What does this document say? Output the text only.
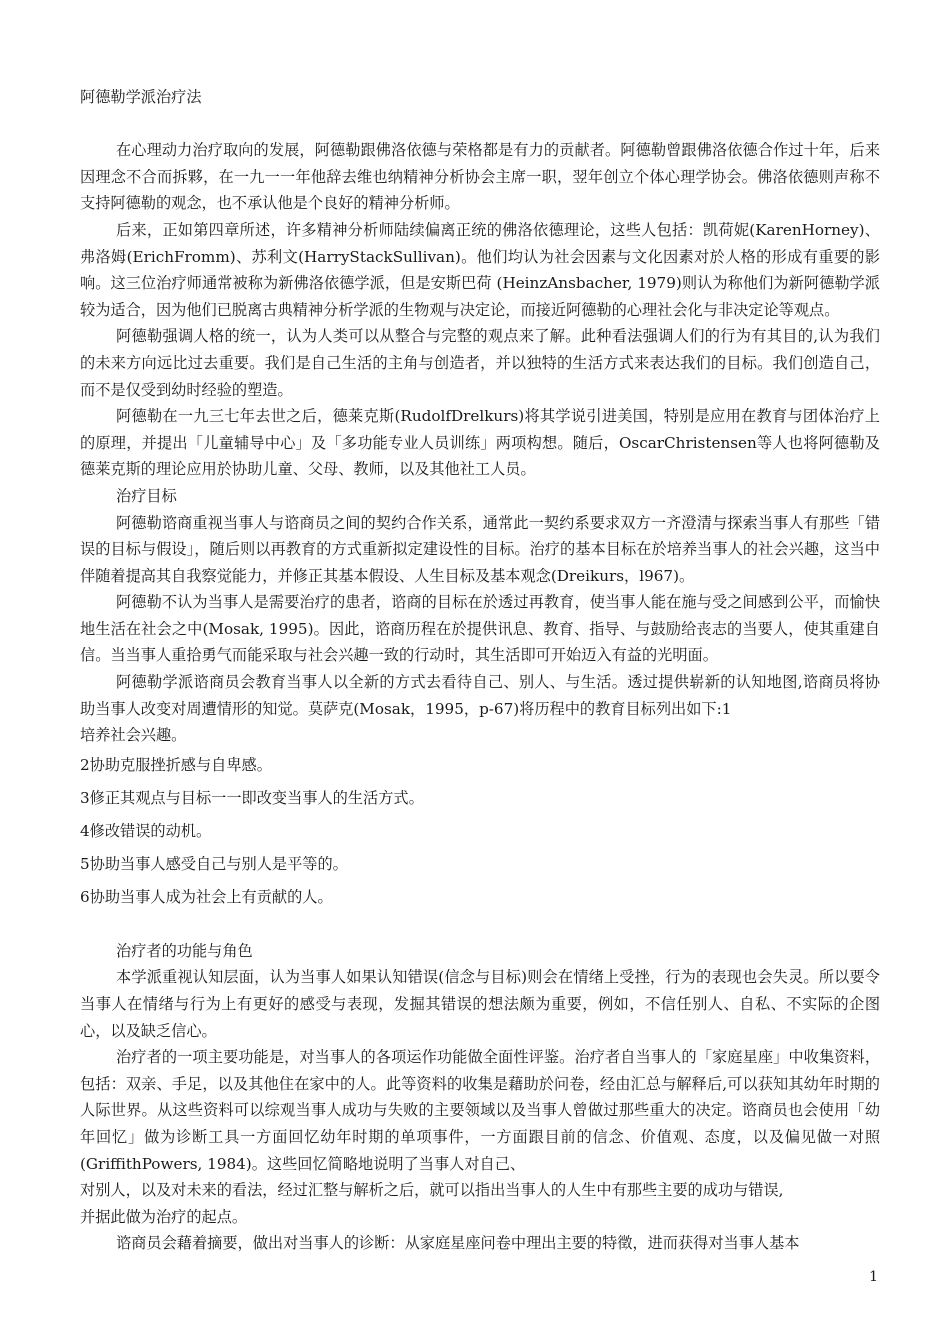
阿德勒学派治疗法

在心理动力治疗取向的发展，阿德勒跟佛洛依德与荣格都是有力的贡献者。阿德勒曾跟佛洛依德合作过十年，后来因理念不合而拆夥，在一九一一年他辞去维也纳精神分析协会主席一职，翌年创立个体心理学协会。佛洛依德则声称不支持阿德勒的观念，也不承认他是个良好的精神分析师。

后来，正如第四章所述，许多精神分析师陆续偏离正统的佛洛依德理论，这些人包括：凯荷妮(KarenHorney)、弗洛姆(ErichFromm)、苏利文(HarryStackSullivan)。他们均认为社会因素与文化因素对於人格的形成有重要的影响。这三位治疗师通常被称为新佛洛依德学派，但是安斯巴荷 (HeinzAnsbacher, 1979)则认为称他们为新阿德勒学派较为适合，因为他们已脱离古典精神分析学派的生物观与决定论，而接近阿德勒的心理社会化与非决定论等观点。

阿德勒强调人格的统一，认为人类可以从整合与完整的观点来了解。此种看法强调人们的行为有其目的,认为我们的未来方向远比过去重要。我们是自己生活的主角与创造者，并以独特的生活方式来表达我们的目标。我们创造自己，而不是仅受到幼时经验的塑造。

阿德勒在一九三七年去世之后，德莱克斯(RudolfDrelkurs)将其学说引进美国，特别是应用在教育与团体治疗上的原理，并提出「儿童辅导中心」及「多功能专业人员训练」两项构想。随后，OscarChristensen等人也将阿德勒及德莱克斯的理论应用於协助儿童、父母、教师，以及其他社工人员。

治疗目标

阿德勒谘商重视当事人与谘商员之间的契约合作关系，通常此一契约系要求双方一齐澄清与探索当事人有那些「错误的目标与假设」，随后则以再教育的方式重新拟定建设性的目标。治疗的基本目标在於培养当事人的社会兴趣，这当中伴随着提高其自我察觉能力，并修正其基本假设、人生目标及基本观念(Dreikurs，l967)。

阿德勒不认为当事人是需要治疗的患者，谘商的目标在於透过再教育，使当事人能在施与受之间感到公平，而愉快地生活在社会之中(Mosak, 1995)。因此，谘商历程在於提供讯息、教育、指导、与鼓励给丧志的当要人，使其重建自信。当当事人重拾勇气而能采取与社会兴趣一致的行动时，其生活即可开始迈入有益的光明面。

阿德勒学派谘商员会教育当事人以全新的方式去看待自己、别人、与生活。透过提供崭新的认知地图,谘商员将协助当事人改变对周遭情形的知觉。莫萨克(Mosak，1995，p-67)将历程中的教育目标列出如下:1

培养社会兴趣。

2协助克服挫折感与自卑感。

3修正其观点与目标一一即改变当事人的生活方式。

4修改错误的动机。

5协助当事人感受自己与别人是平等的。

6协助当事人成为社会上有贡献的人。

治疗者的功能与角色

本学派重视认知层面，认为当事人如果认知错误(信念与目标)则会在情绪上受挫，行为的表现也会失灵。所以要令当事人在情绪与行为上有更好的感受与表现，发掘其错误的想法颇为重要，例如，不信任别人、自私、不实际的企图心，以及缺乏信心。

治疗者的一项主要功能是，对当事人的各项运作功能做全面性评鉴。治疗者自当事人的「家庭星座」中收集资料，包括：双亲、手足，以及其他住在家中的人。此等资料的收集是藉助於问卷，经由汇总与解释后,可以获知其幼年时期的人际世界。从这些资料可以综观当事人成功与失败的主要领域以及当事人曾做过那些重大的决定。谘商员也会使用「幼年回忆」做为诊断工具一方面回忆幼年时期的单项事件，一方面跟目前的信念、价值观、态度，以及偏见做一对照(GriffithPowers, 1984)。这些回忆简略地说明了当事人对自己、

对别人，以及对未来的看法，经过汇整与解析之后，就可以指出当事人的人生中有那些主要的成功与错误,

并据此做为治疗的起点。

谘商员会藉着摘要，做出对当事人的诊断：从家庭星座问卷中理出主要的特徵，进而获得对当事人基本

1
